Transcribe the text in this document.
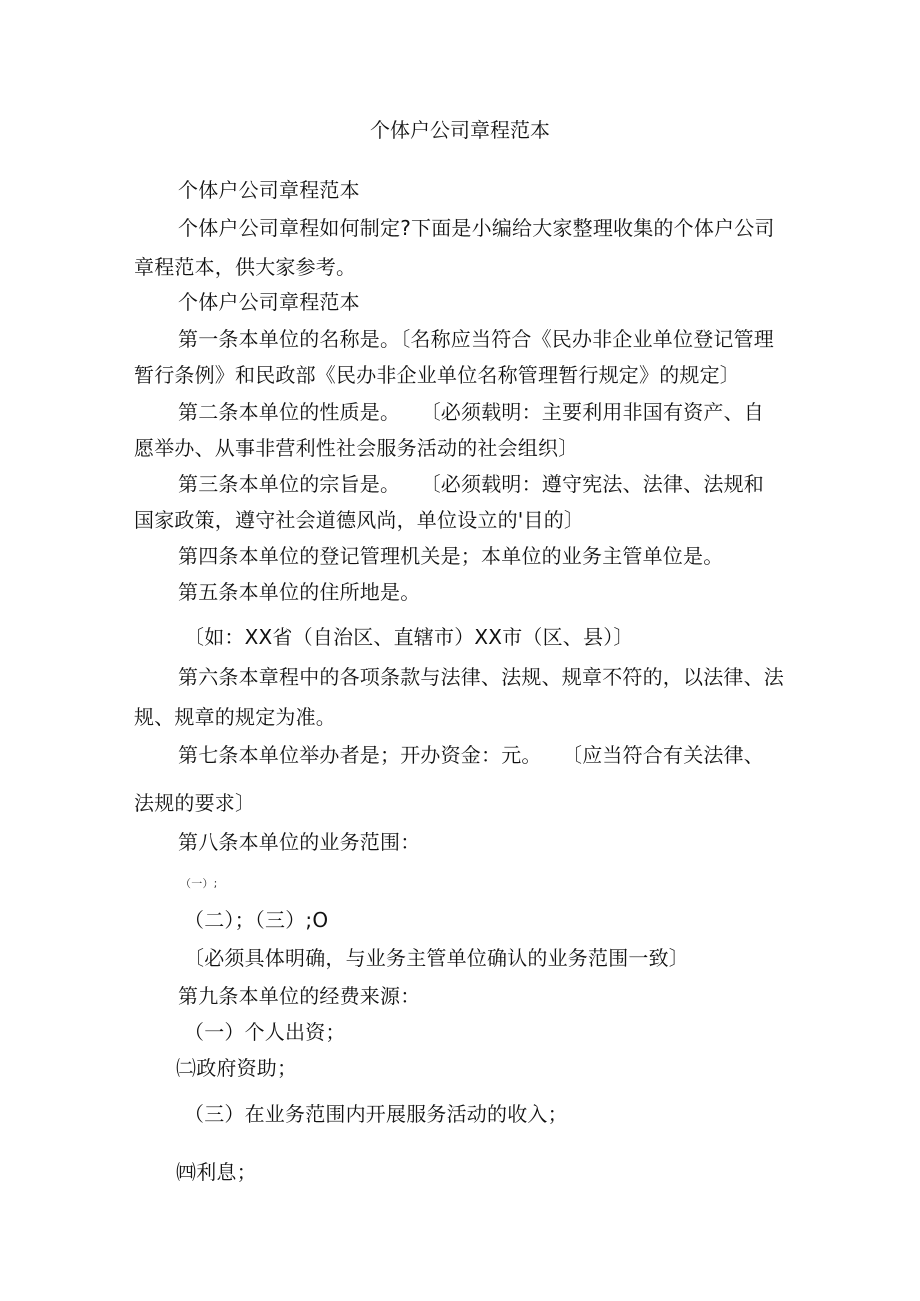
个体户公司章程范本
个体户公司章程范本
个体户公司章程如何制定?下面是小编给大家整理收集的个体户公司
章程范本，供大家参考。
个体户公司章程范本
第一条本单位的名称是。〔名称应当符合《民办非企业单位登记管理
暂行条例》和民政部《民办非企业单位名称管理暂行规定》的规定〕
第二条本单位的性质是。　　〔必须载明：主要利用非国有资产、自
愿举办、从事非营利性社会服务活动的社会组织〕
第三条本单位的宗旨是。　　〔必须载明：遵守宪法、法律、法规和
国家政策，遵守社会道德风尚，单位设立的'目的〕
第四条本单位的登记管理机关是；本单位的业务主管单位是。
第五条本单位的住所地是。
〔如：XX省（自治区、直辖市）XX市（区、县）〕
第六条本章程中的各项条款与法律、法规、规章不符的，以法律、法
规、规章的规定为准。
第七条本单位举办者是；开办资金：元。　　〔应当符合有关法律、
法规的要求〕
第八条本单位的业务范围：
（一）;
（二）；（三）;O
〔必须具体明确，与业务主管单位确认的业务范围一致〕
第九条本单位的经费来源：
（一）个人出资；
㈡政府资助；
（三）在业务范围内开展服务活动的收入；
㈣利息；
